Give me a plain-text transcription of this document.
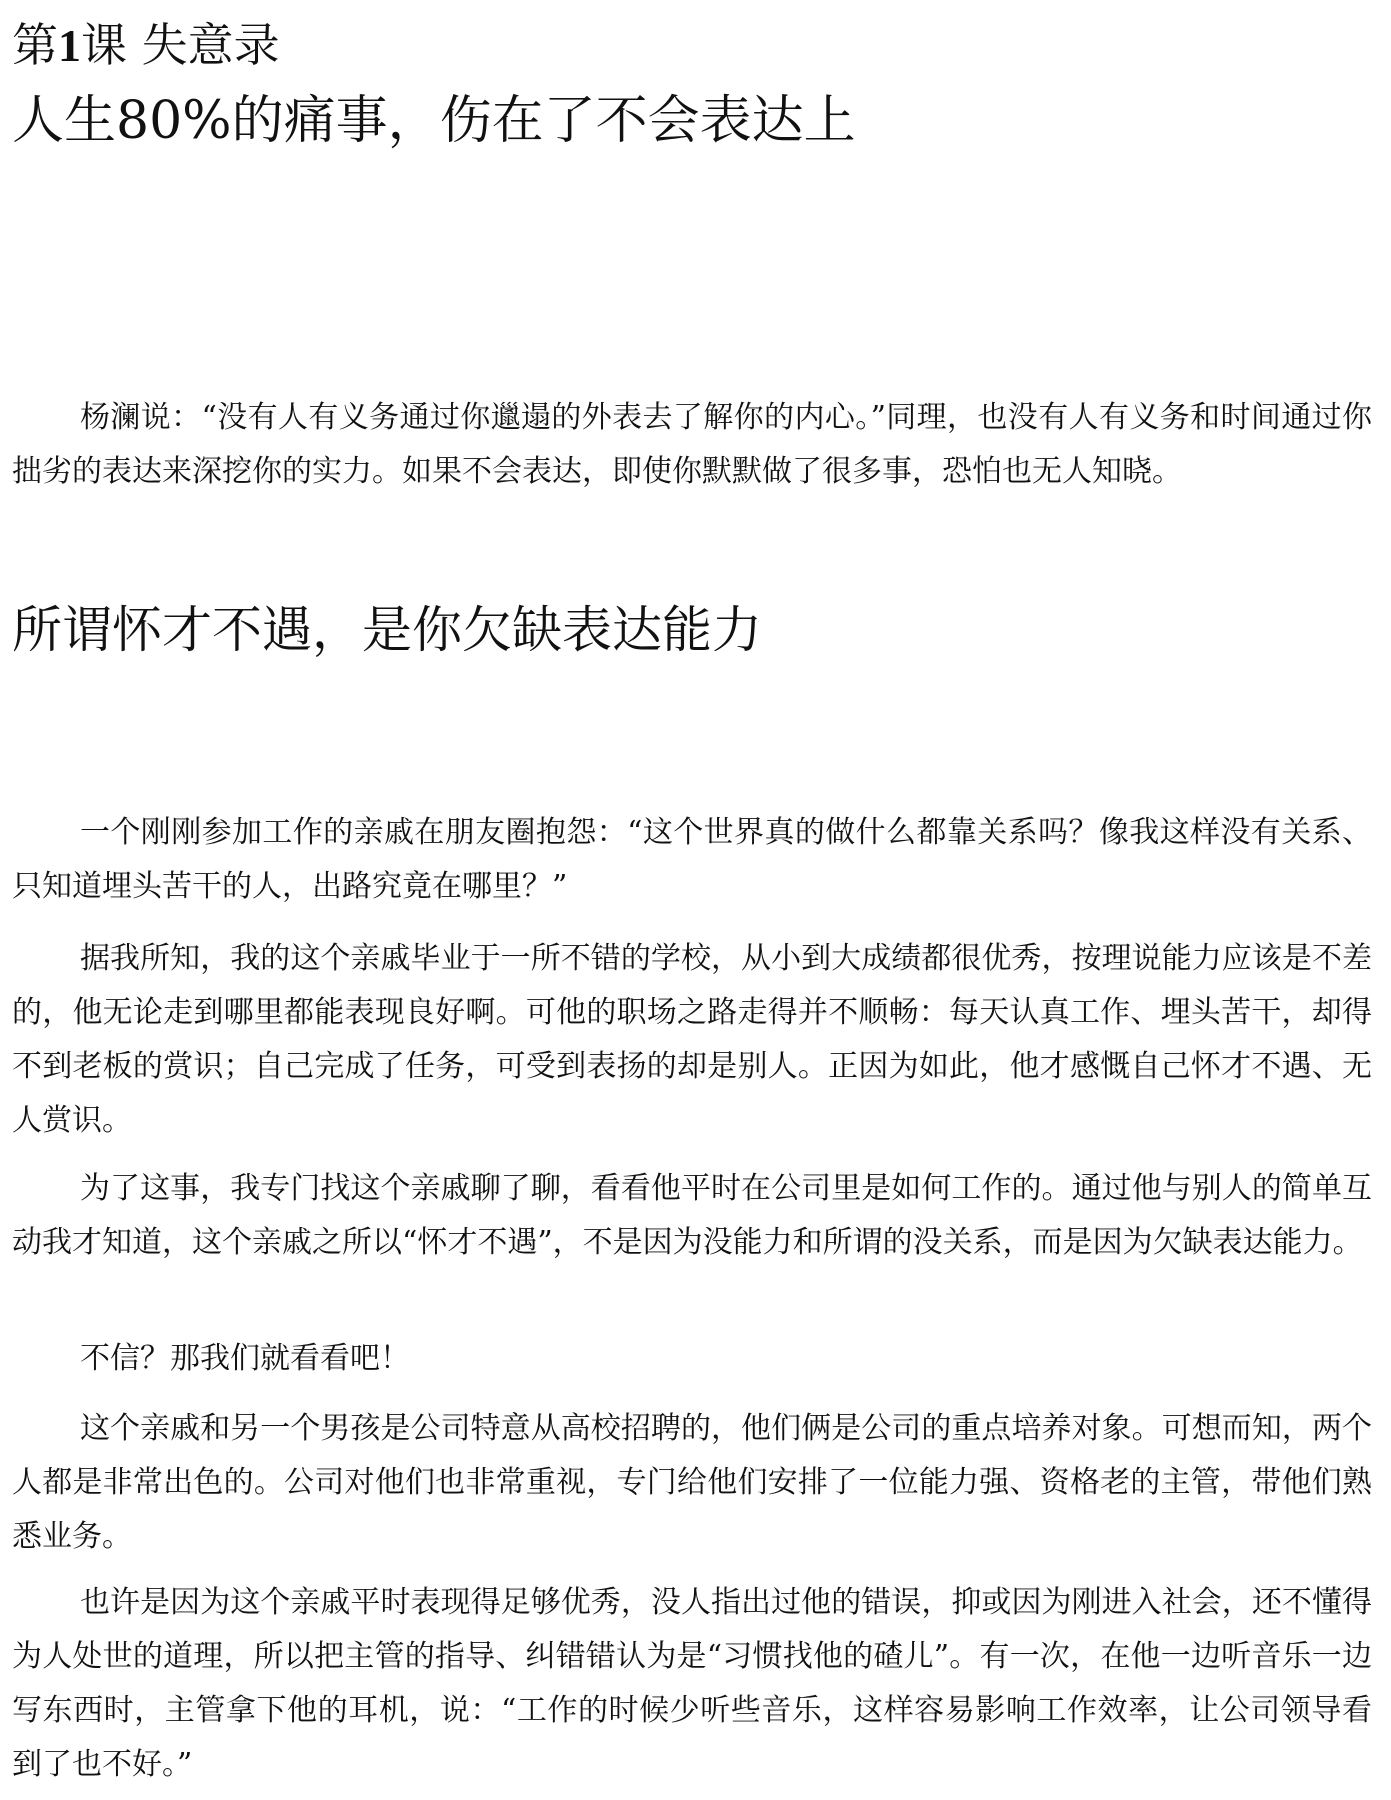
第1课 失意录
人生80%的痛事，伤在了不会表达上

杨澜说：“没有人有义务通过你邋遢的外表去了解你的内心。”同理，也没有人有义务和时间通过你拙劣的表达来深挖你的实力。如果不会表达，即使你默默做了很多事，恐怕也无人知晓。

所谓怀才不遇，是你欠缺表达能力

一个刚刚参加工作的亲戚在朋友圈抱怨：“这个世界真的做什么都靠关系吗？像我这样没有关系、只知道埋头苦干的人，出路究竟在哪里？”

据我所知，我的这个亲戚毕业于一所不错的学校，从小到大成绩都很优秀，按理说能力应该是不差的，他无论走到哪里都能表现良好啊。可他的职场之路走得并不顺畅：每天认真工作、埋头苦干，却得不到老板的赏识；自己完成了任务，可受到表扬的却是别人。正因为如此，他才感慨自己怀才不遇、无人赏识。

为了这事，我专门找这个亲戚聊了聊，看看他平时在公司里是如何工作的。通过他与别人的简单互动我才知道，这个亲戚之所以“怀才不遇”，不是因为没能力和所谓的没关系，而是因为欠缺表达能力。

不信？那我们就看看吧！

这个亲戚和另一个男孩是公司特意从高校招聘的，他们俩是公司的重点培养对象。可想而知，两个人都是非常出色的。公司对他们也非常重视，专门给他们安排了一位能力强、资格老的主管，带他们熟悉业务。

也许是因为这个亲戚平时表现得足够优秀，没人指出过他的错误，抑或因为刚进入社会，还不懂得为人处世的道理，所以把主管的指导、纠错错认为是“习惯找他的碴儿”。有一次，在他一边听音乐一边写东西时，主管拿下他的耳机，说：“工作的时候少听些音乐，这样容易影响工作效率，让公司领导看到了也不好。”
